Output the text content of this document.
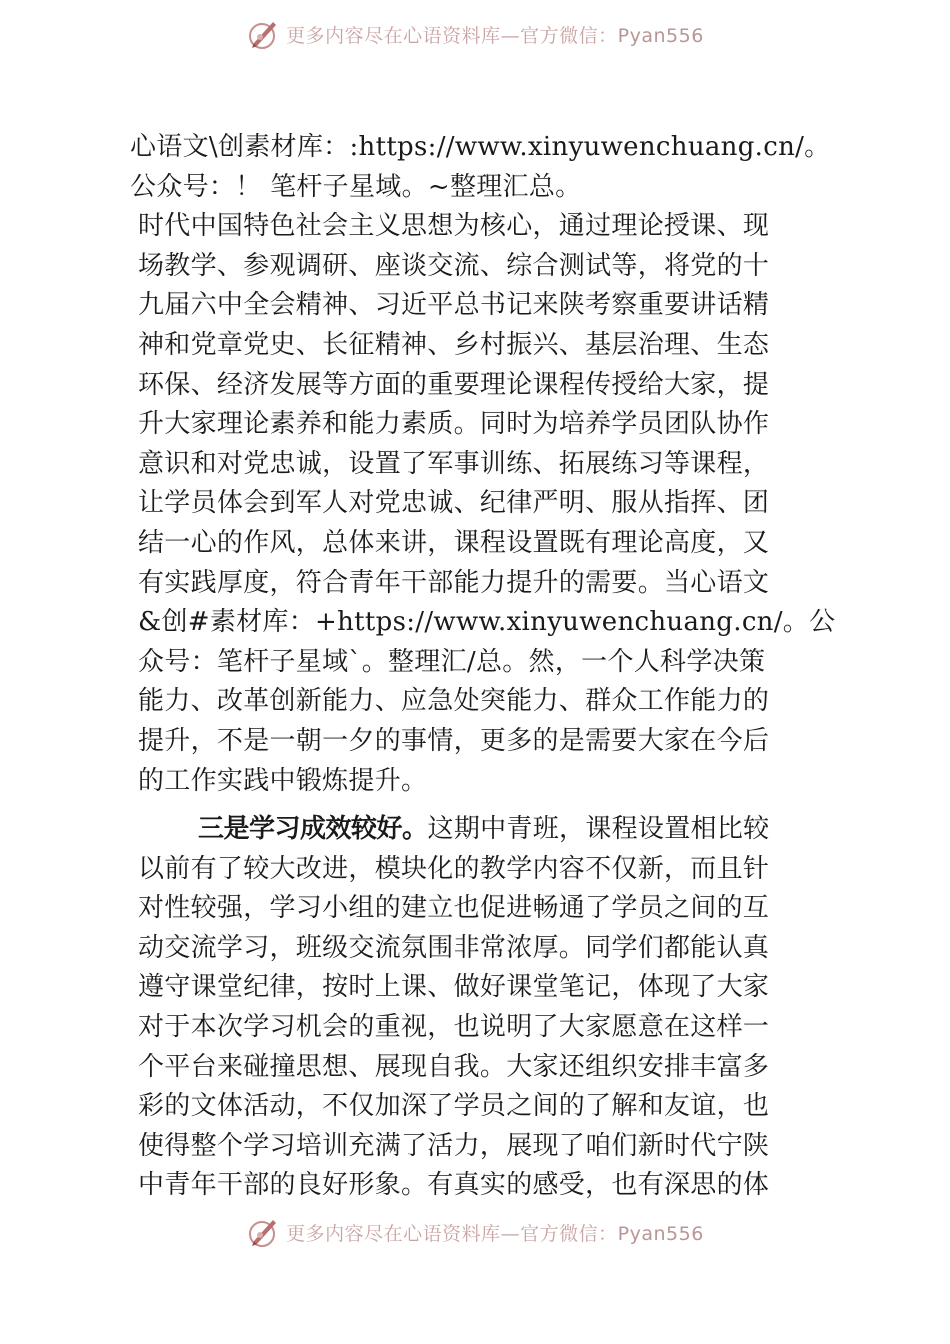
更多内容尽在心语资料库—官方微信：Pyan556
心语文\创素材库：:https://www.xinyuwenchuang.cn/。
公众号：！ 笔杆子星域。~整理汇总。
时代中国特色社会主义思想为核心，通过理论授课、现
场教学、参观调研、座谈交流、综合测试等，将党的十
九届六中全会精神、习近平总书记来陕考察重要讲话精
神和党章党史、长征精神、乡村振兴、基层治理、生态
环保、经济发展等方面的重要理论课程传授给大家，提
升大家理论素养和能力素质。同时为培养学员团队协作
意识和对党忠诚，设置了军事训练、拓展练习等课程，
让学员体会到军人对党忠诚、纪律严明、服从指挥、团
结一心的作风，总体来讲，课程设置既有理论高度，又
有实践厚度，符合青年干部能力提升的需要。当心语文
&创#素材库：+https://www.xinyuwenchuang.cn/。公
众号：笔杆子星域`。整理汇/总。然，一个人科学决策
能力、改革创新能力、应急处突能力、群众工作能力的
提升，不是一朝一夕的事情，更多的是需要大家在今后
的工作实践中锻炼提升。
三是学习成效较好。这期中青班，课程设置相比较
以前有了较大改进，模块化的教学内容不仅新，而且针
对性较强，学习小组的建立也促进畅通了学员之间的互
动交流学习，班级交流氛围非常浓厚。同学们都能认真
遵守课堂纪律，按时上课、做好课堂笔记，体现了大家
对于本次学习机会的重视，也说明了大家愿意在这样一
个平台来碰撞思想、展现自我。大家还组织安排丰富多
彩的文体活动，不仅加深了学员之间的了解和友谊，也
使得整个学习培训充满了活力，展现了咱们新时代宁陕
中青年干部的良好形象。有真实的感受，也有深思的体
更多内容尽在心语资料库—官方微信：Pyan556
